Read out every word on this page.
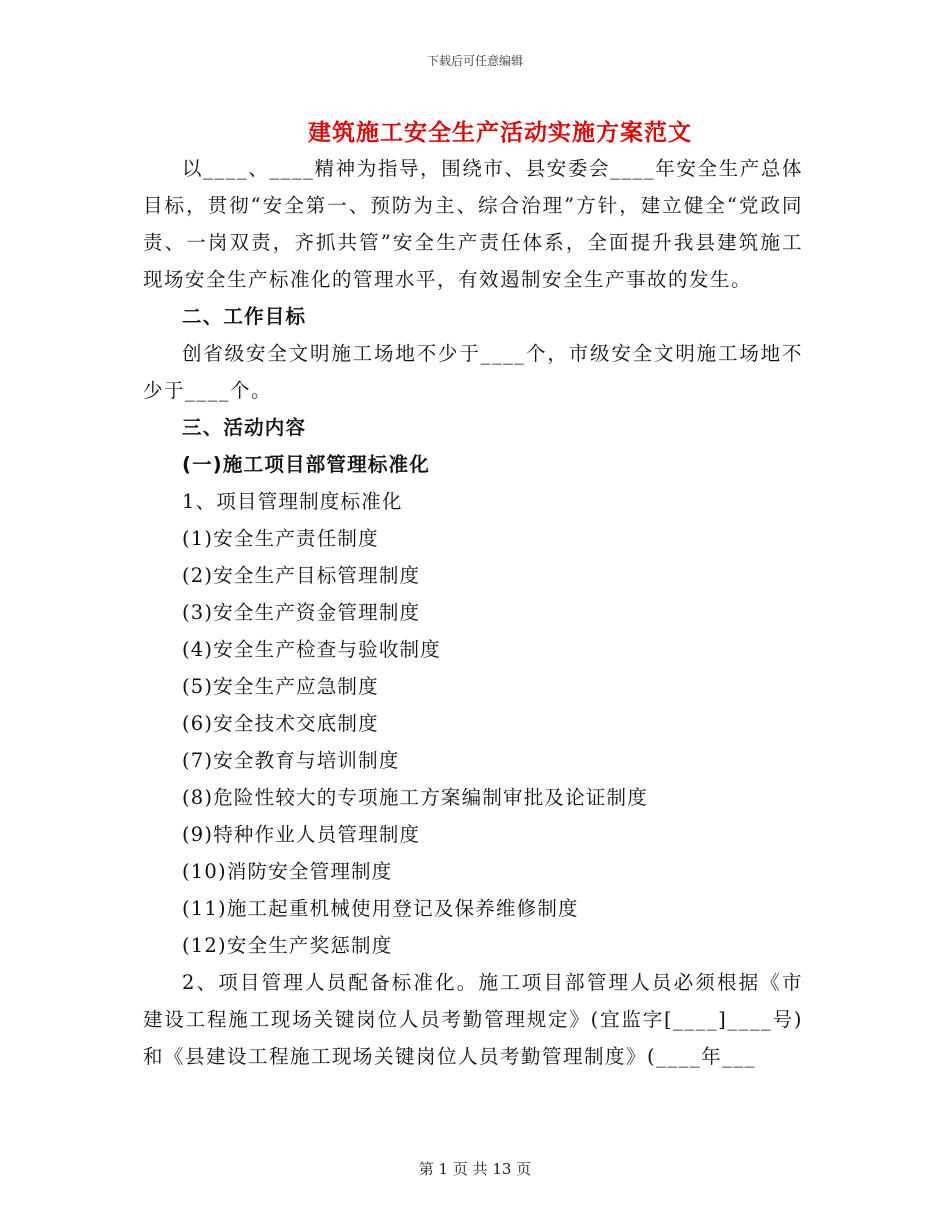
下载后可任意编辑
建筑施工安全生产活动实施方案范文

以____、____精神为指导，围绕市、县安委会____年安全生产总体目标，贯彻“安全第一、预防为主、综合治理”方针，建立健全“党政同责、一岗双责，齐抓共管”安全生产责任体系，全面提升我县建筑施工现场安全生产标准化的管理水平，有效遏制安全生产事故的发生。

二、工作目标

创省级安全文明施工场地不少于____个，市级安全文明施工场地不少于____个。

三、活动内容

(一)施工项目部管理标准化

1、项目管理制度标准化

(1)安全生产责任制度

(2)安全生产目标管理制度

(3)安全生产资金管理制度

(4)安全生产检查与验收制度

(5)安全生产应急制度

(6)安全技术交底制度

(7)安全教育与培训制度

(8)危险性较大的专项施工方案编制审批及论证制度

(9)特种作业人员管理制度

(10)消防安全管理制度

(11)施工起重机械使用登记及保养维修制度

(12)安全生产奖惩制度

2、项目管理人员配备标准化。施工项目部管理人员必须根据《市建设工程施工现场关键岗位人员考勤管理规定》(宜监字[____]____号)和《县建设工程施工现场关键岗位人员考勤管理制度》(____年___

第 1 页 共 13 页
